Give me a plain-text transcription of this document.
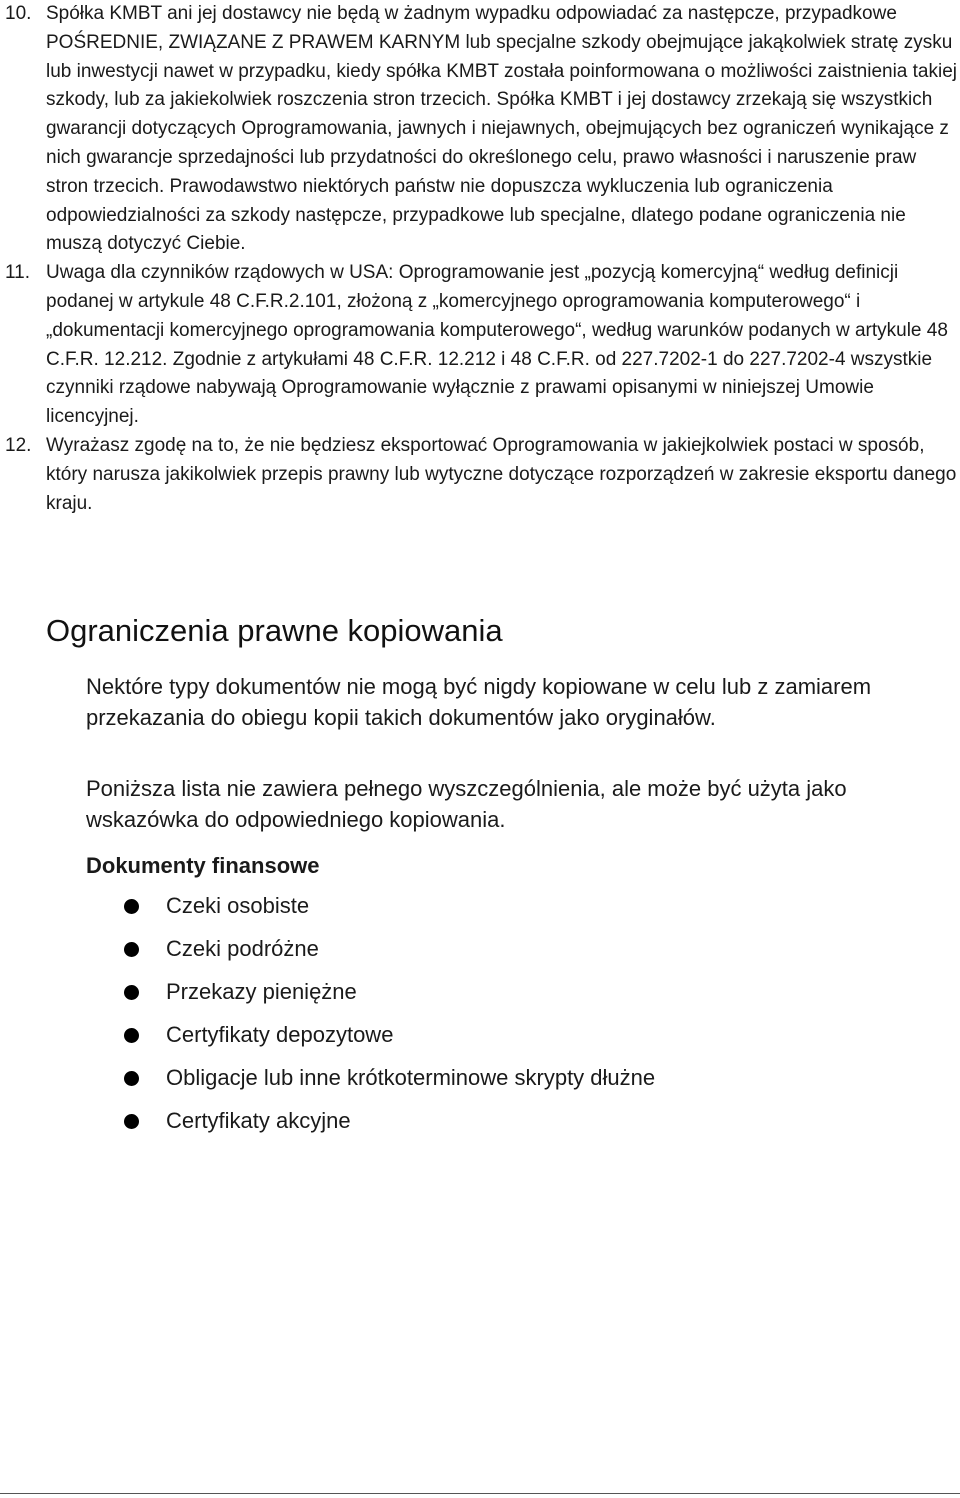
10. Spółka KMBT ani jej dostawcy nie będą w żadnym wypadku odpowiadać za następcze, przypadkowe POŚREDNIE, ZWIĄZANE Z PRAWEM KARNYM lub specjalne szkody obejmujące jakąkolwiek stratę zysku lub inwestycji nawet w przypadku, kiedy spółka KMBT została poinformowana o możliwości zaistnienia takiej szkody, lub za jakiekolwiek roszczenia stron trzecich. Spółka KMBT i jej dostawcy zrzekają się wszystkich gwarancji dotyczących Oprogramowania, jawnych i niejawnych, obejmujących bez ograniczeń wynikające z nich gwarancje sprzedajności lub przydatności do określonego celu, prawo własności i naruszenie praw stron trzecich. Prawodawstwo niektórych państw nie dopuszcza wykluczenia lub ograniczenia odpowiedzialności za szkody następcze, przypadkowe lub specjalne, dlatego podane ograniczenia nie muszą dotyczyć Ciebie.
11. Uwaga dla czynników rządowych w USA: Oprogramowanie jest „pozycją komercyjną“ według definicji podanej w artykule 48 C.F.R.2.101, złożoną z „komercyjnego oprogramowania komputerowego“ i „dokumentacji komercyjnego oprogramowania komputerowego“, według warunków podanych w artykule 48 C.F.R. 12.212. Zgodnie z artykułami 48 C.F.R. 12.212 i 48 C.F.R. od 227.7202-1 do 227.7202-4 wszystkie czynniki rządowe nabywają Oprogramowanie wyłącznie z prawami opisanymi w niniejszej Umowie licencyjnej.
12. Wyrażasz zgodę na to, że nie będziesz eksportować Oprogramowania w jakiejkolwiek postaci w sposób, który narusza jakikolwiek przepis prawny lub wytyczne dotyczące rozporządzeń w zakresie eksportu danego kraju.
Ograniczenia prawne kopiowania

Nektóre typy dokumentów nie mogą być nigdy kopiowane w celu lub z zamiarem przekazania do obiegu kopii takich dokumentów jako oryginałów.

Poniższa lista nie zawiera pełnego wyszczególnienia, ale może być użyta jako wskazówka do odpowiedniego kopiowania.

Dokumenty finansowe
Czeki osobiste
Czeki podróżne
Przekazy pieniężne
Certyfikaty depozytowe
Obligacje lub inne krótkoterminowe skrypty dłużne
Certyfikaty akcyjne
